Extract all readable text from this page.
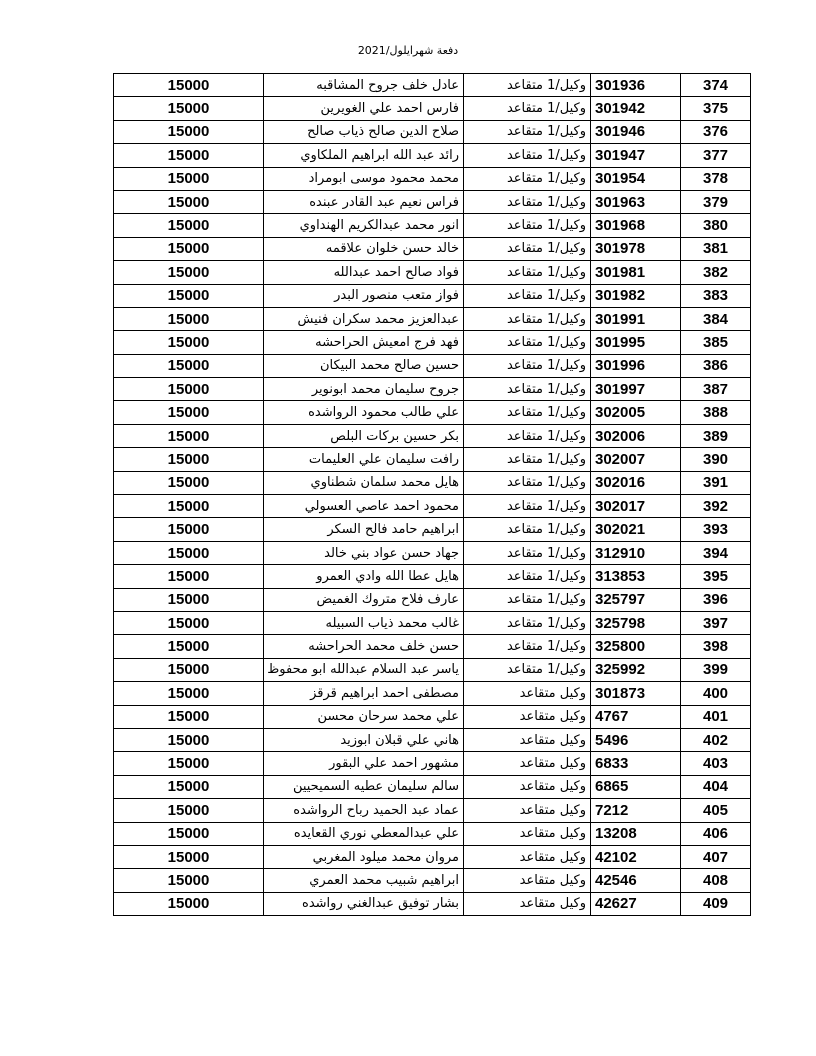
دفعة شهرايلول/2021
374	301936	وكيل/1 متقاعد	عادل خلف جروح المشاقبه	15000
375	301942	وكيل/1 متقاعد	فارس احمد علي الغويرين	15000
376	301946	وكيل/1 متقاعد	صلاح الدين صالح ذياب صالح	15000
377	301947	وكيل/1 متقاعد	رائد عبد الله ابراهيم الملكاوي	15000
378	301954	وكيل/1 متقاعد	محمد محمود موسى ابومراد	15000
379	301963	وكيل/1 متقاعد	فراس نعيم عبد القادر عبنده	15000
380	301968	وكيل/1 متقاعد	انور محمد عبدالكريم الهنداوي	15000
381	301978	وكيل/1 متقاعد	خالد حسن خلوان علاقمه	15000
382	301981	وكيل/1 متقاعد	فواد صالح احمد عبدالله	15000
383	301982	وكيل/1 متقاعد	فواز متعب منصور البدر	15000
384	301991	وكيل/1 متقاعد	عبدالعزيز محمد سكران فنيش	15000
385	301995	وكيل/1 متقاعد	فهد فرج امعيش الحراحشه	15000
386	301996	وكيل/1 متقاعد	حسين صالح محمد البيكان	15000
387	301997	وكيل/1 متقاعد	جروح سليمان محمد ابونوير	15000
388	302005	وكيل/1 متقاعد	علي طالب محمود الرواشده	15000
389	302006	وكيل/1 متقاعد	بكر حسين بركات البلص	15000
390	302007	وكيل/1 متقاعد	رافت سليمان علي العليمات	15000
391	302016	وكيل/1 متقاعد	هايل محمد سلمان شطناوي	15000
392	302017	وكيل/1 متقاعد	محمود احمد عاصي العسولي	15000
393	302021	وكيل/1 متقاعد	ابراهيم حامد فالح السكر	15000
394	312910	وكيل/1 متقاعد	جهاد حسن عواد بني خالد	15000
395	313853	وكيل/1 متقاعد	هايل عطا الله وادي العمرو	15000
396	325797	وكيل/1 متقاعد	عارف فلاح متروك الغميض	15000
397	325798	وكيل/1 متقاعد	غالب محمد ذياب السبيله	15000
398	325800	وكيل/1 متقاعد	حسن خلف محمد الحراحشه	15000
399	325992	وكيل/1 متقاعد	ياسر عبد السلام عبدالله ابو محفوظ	15000
400	301873	وكيل متقاعد	مصطفى احمد ابراهيم قرقز	15000
401	4767	وكيل متقاعد	علي محمد سرحان محسن	15000
402	5496	وكيل متقاعد	هاني علي قبلان ابوزيد	15000
403	6833	وكيل متقاعد	مشهور احمد علي البقور	15000
404	6865	وكيل متقاعد	سالم سليمان عطيه السميحيين	15000
405	7212	وكيل متقاعد	عماد عبد الحميد رباح الرواشده	15000
406	13208	وكيل متقاعد	علي عبدالمعطي نوري القعايده	15000
407	42102	وكيل متقاعد	مروان محمد ميلود المغربي	15000
408	42546	وكيل متقاعد	ابراهيم شبيب محمد العمري	15000
409	42627	وكيل متقاعد	بشار توفيق عبدالغني رواشده	15000
